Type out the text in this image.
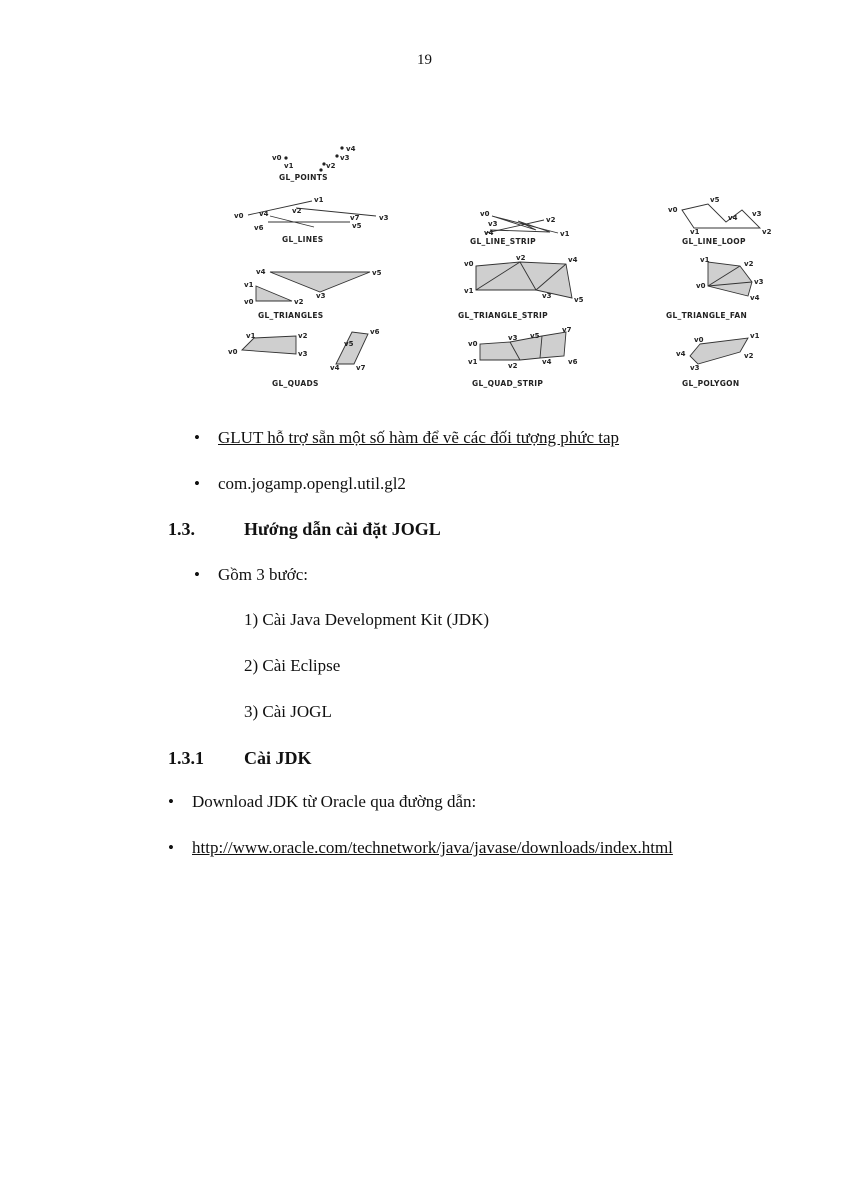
19
v0
v1	v2
v3
v4
GL_POINTS
v0
v1
v2
v3
v4
v5
v6
v7
GL_LINES
v0
v1
v2
v3
v4
GL_LINE_STRIP
v0
v1	v2
v3
v4
v5
GL_LINE_LOOP
v0
v1
v2
v3
v4	v5
GL_TRIANGLES
v0
v1
v2
v3
v4
v5
GL_TRIANGLE_STRIP
v0
v1	v2
v3
v4
GL_TRIANGLE_FAN
v0
v1	v2
v3
v4
v5
v6
v7
GL_QUADS
v0
v1	v2
v3
v4
v5
v6
v7
GL_QUAD_STRIP
v0	v1
v2
v3
v4
GL_POLYGON
• GLUT hỗ trợ sẵn một số hàm để vẽ các đối tượng phức tap
• com.jogamp.opengl.util.gl2
1.3.	Hướng dẫn cài đặt JOGL
• Gồm 3 bước:
1) Cài Java Development Kit (JDK)
2) Cài Eclipse
3) Cài JOGL
1.3.1 Cài JDK
• Download JDK từ Oracle qua đường dẫn:
• http://www.oracle.com/technetwork/java/javase/downloads/index.html
